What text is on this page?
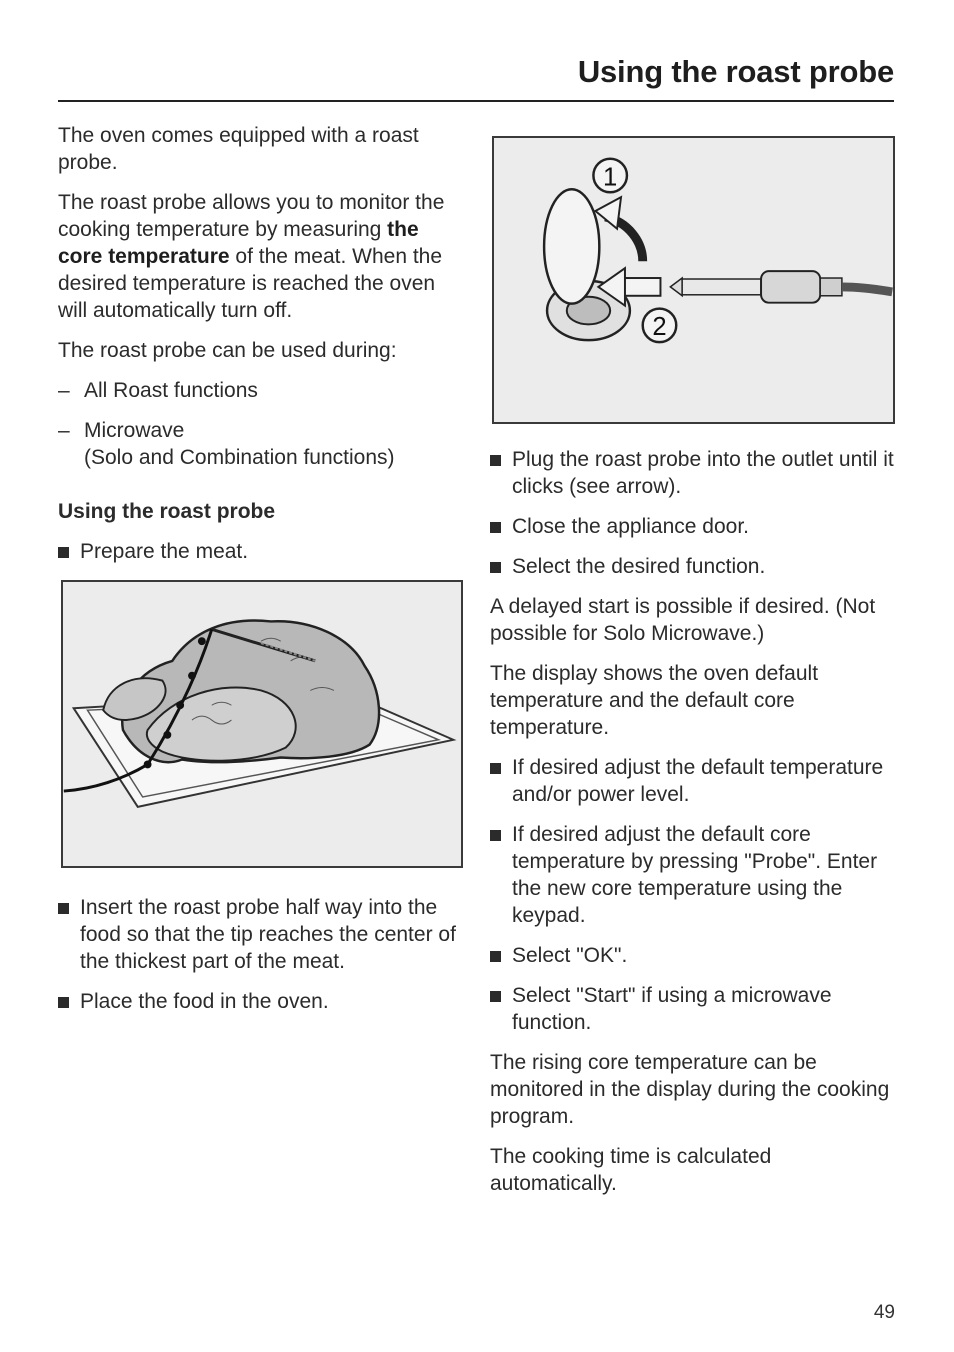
Using the roast probe

The oven comes equipped with a roast probe.

The roast probe allows you to monitor the cooking temperature by measuring the core temperature of the meat. When the desired temperature is reached the oven will automatically turn off.

The roast probe can be used during:

– All Roast functions
– Microwave
(Solo and Combination functions)
Using the roast probe
Prepare the meat.
Insert the roast probe half way into the food so that the tip reaches the center of the thickest part of the meat.
Place the food in the oven.
1
2
Plug the roast probe into the outlet until it clicks (see arrow).
Close the appliance door.
Select the desired function.

A delayed start is possible if desired. (Not possible for Solo Microwave.)

The display shows the oven default temperature and the default core temperature.

If desired adjust the default temperature and/or power level.
If desired adjust the default core temperature by pressing "Probe". Enter the new core temperature using the keypad.
Select "OK".
Select "Start" if using a microwave function.

The rising core temperature can be monitored in the display during the cooking program.

The cooking time is calculated automatically.

49
